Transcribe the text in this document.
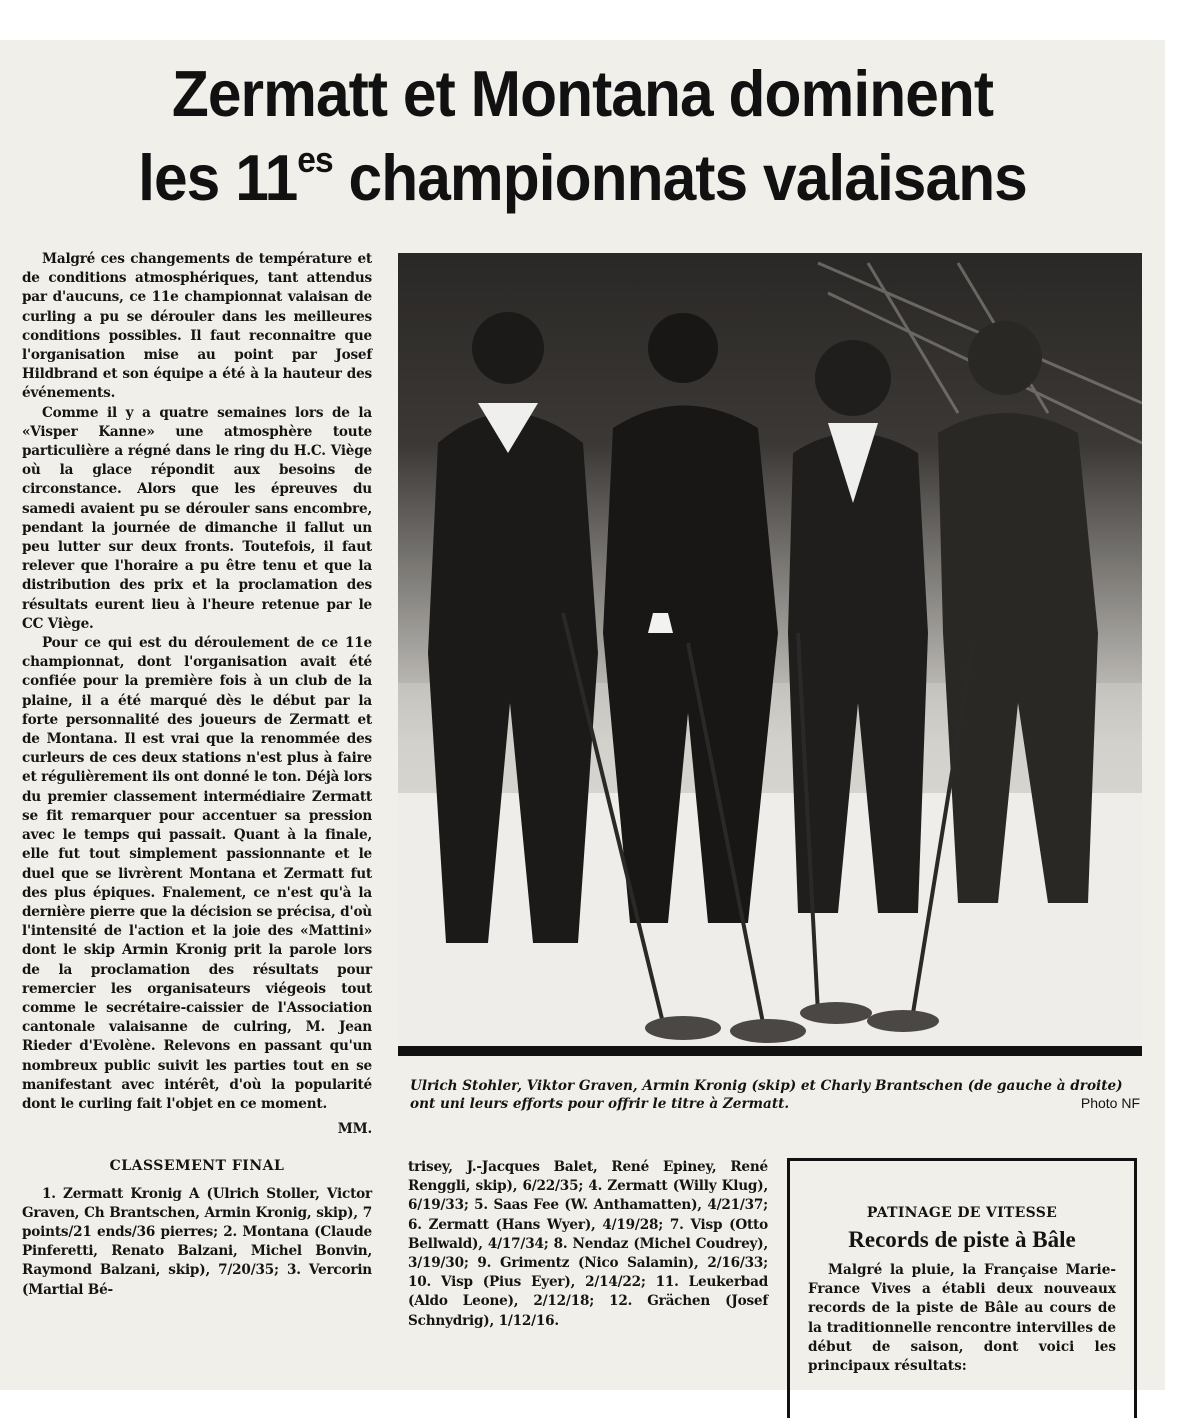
Zermatt et Montana dominent
les $11^{es}$ championnats valaisans

Malgré ces changements de température et de conditions atmosphériques, tant attendus par d'aucuns, ce 11e championnat valaisan de curling a pu se dérouler dans les meilleures conditions possibles. Il faut reconnaitre que l'organisation mise au point par Josef Hildbrand et son équipe a été à la hauteur des événements.

Comme il y a quatre semaines lors de la «Visper Kanne» une atmosphère toute particulière a régné dans le ring du H.C. Viège où la glace répondit aux besoins de circonstance. Alors que les épreuves du samedi avaient pu se dérouler sans encombre, pendant la journée de dimanche il fallut un peu lutter sur deux fronts. Toutefois, il faut relever que l'horaire a pu être tenu et que la distribution des prix et la proclamation des résultats eurent lieu à l'heure retenue par le CC Viège.

Pour ce qui est du déroulement de ce 11e championnat, dont l'organisation avait été confiée pour la première fois à un club de la plaine, il a été marqué dès le début par la forte personnalité des joueurs de Zermatt et de Montana. Il est vrai que la renommée des curleurs de ces deux stations n'est plus à faire et régulièrement ils ont donné le ton. Déjà lors du premier classement intermédiaire Zermatt se fit remarquer pour accentuer sa pression avec le temps qui passait. Quant à la finale, elle fut tout simplement passionnante et le duel que se livrèrent Montana et Zermatt fut des plus épiques. Fnalement, ce n'est qu'à la dernière pierre que la décision se précisa, d'où l'intensité de l'action et la joie des «Mattini» dont le skip Armin Kronig prit la parole lors de la proclamation des résultats pour remercier les organisateurs viégeois tout comme le secrétaire-caissier de l'Association cantonale valaisanne de culring, M. Jean Rieder d'Evolène. Relevons en passant qu'un nombreux public suivit les parties tout en se manifestant avec intérêt, d'où la popularité dont le curling fait l'objet en ce moment.

MM.
CLASSEMENT FINAL

1. Zermatt Kronig A (Ulrich Stoller, Victor Graven, Ch Brantschen, Armin Kronig, skip), 7 points/21 ends/36 pierres; 2. Montana (Claude Pinferetti, Renato Balzani, Michel Bonvin, Raymond Balzani, skip), 7/20/35; 3. Vercorin (Martial Bé-

Ulrich Stohler, Viktor Graven, Armin Kronig (skip) et Charly Brantschen (de gauche à droite) ont uni leurs efforts pour offrir le titre à Zermatt.	Photo NF

trisey, J.-Jacques Balet, René Epiney, René Renggli, skip), 6/22/35; 4. Zermatt (Willy Klug), 6/19/33; 5. Saas Fee (W. Anthamatten), 4/21/37; 6. Zermatt (Hans Wyer), 4/19/28; 7. Visp (Otto Bellwald), 4/17/34; 8. Nendaz (Michel Coudrey), 3/19/30; 9. Grimentz (Nico Salamin), 2/16/33; 10. Visp (Pius Eyer), 2/14/22; 11. Leukerbad (Aldo Leone), 2/12/18; 12. Grächen (Josef Schnydrig), 1/12/16.

PATINAGE DE VITESSE
Records de piste à Bâle

Malgré la pluie, la Française Marie-France Vives a établi deux nouveaux records de la piste de Bâle au cours de la traditionnelle rencontre intervilles de début de saison, dont voici les principaux résultats:
